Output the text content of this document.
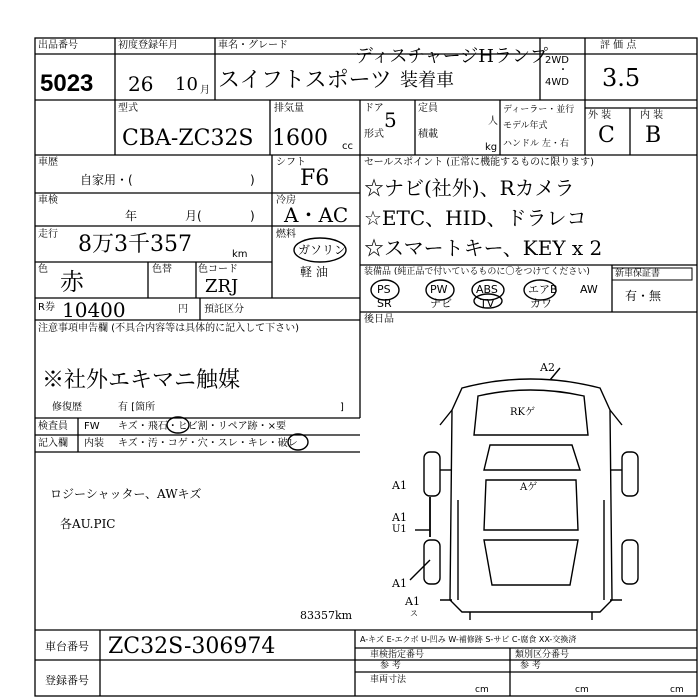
出品番号
5023
初度登録年月	車名・グレード
26 10 月 スイフトスポーツ
ディスチャージHランプ
装着車
2WD
・
4WD
評 価 点
3.5
外 装	内 装
C B
型式
CBA-ZC32S
排気量
1600 cc
ドア 5
形式
定員
人
積載
kg
ディーラー・並行
モデル年式
ハンドル 左・右
車歴
自家用・(	)
車検
年	月(	)
走行 8万3千357	km
色 赤	色替	色コード
ZRJ
シフト
F6
冷房
A・AC
燃料
ガソリン
軽 油
セールスポイント (正常に機能するものに限ります)
☆ナビ(社外)、Rカメラ
☆ETC、HID、ドラレコ
☆スマートキー、KEY x 2
装備品 (純正品で付いているものに〇をつけてください)
PS	PW	ABS	エアB AW
SR	ナビ	TV	カワ
新車保証書
有・無
R券 10400	円 預託区分
後日品
注意事項申告欄 (不具合内容等は具体的に記入して下さい)
※社外エキマニ触媒
修復歴	有 [箇所	]
検査員
記入欄
FW キズ・飛石・ヒビ割・リペア跡・×要
内装 キズ・汚・コゲ・穴・スレ・キレ・破レ
ロジーシャッター、AWキズ
各AU.PIC
A2
A1
A1
U1
A1
A1
ス
RKゲ
Aゲ
83357km
車台番号 ZC32S-306974	A-キズ E-エクボ U-凹み W-補修跡 S-サビ C-腐食 XX-交換済
登録番号
車検指定番号
参 考
類別区分番号
参 考
車両寸法
cm	cm	cm
